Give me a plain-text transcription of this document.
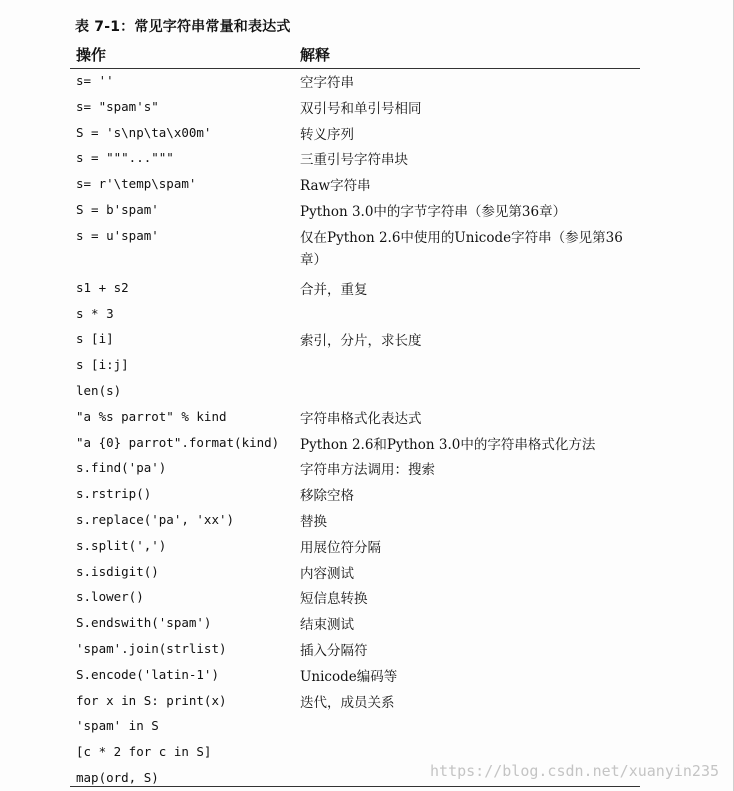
表 7-1：常见字符串常量和表达式
操作	解释
s= ''	空字符串
s= "spam's"	双引号和单引号相同
S = 's\np\ta\x00m'	转义序列
s = """..."""	三重引号字符串块
s= r'\temp\spam'	Raw字符串
S = b'spam'	Python 3.0中的字节字符串（参见第36章）
s = u'spam'	仅在Python 2.6中使用的Unicode字符串（参见第36章）
s1 + s2	合并，重复
s * 3
s [i]	索引，分片，求长度
s [i:j]
len(s)
"a %s parrot" % kind	字符串格式化表达式
"a {0} parrot".format(kind) Python 2.6和Python 3.0中的字符串格式化方法
s.find('pa')	字符串方法调用：搜索
s.rstrip()	移除空格
s.replace('pa', 'xx')	替换
s.split(',')	用展位符分隔
s.isdigit()	内容测试
s.lower()	短信息转换
S.endswith('spam')	结束测试
'spam'.join(strlist)	插入分隔符
S.encode('latin-1')	Unicode编码等
for x in S: print(x)	迭代，成员关系
'spam' in S
[c * 2 for c in S]
map(ord, S)	https://blog.csdn.net/xuanyin235
